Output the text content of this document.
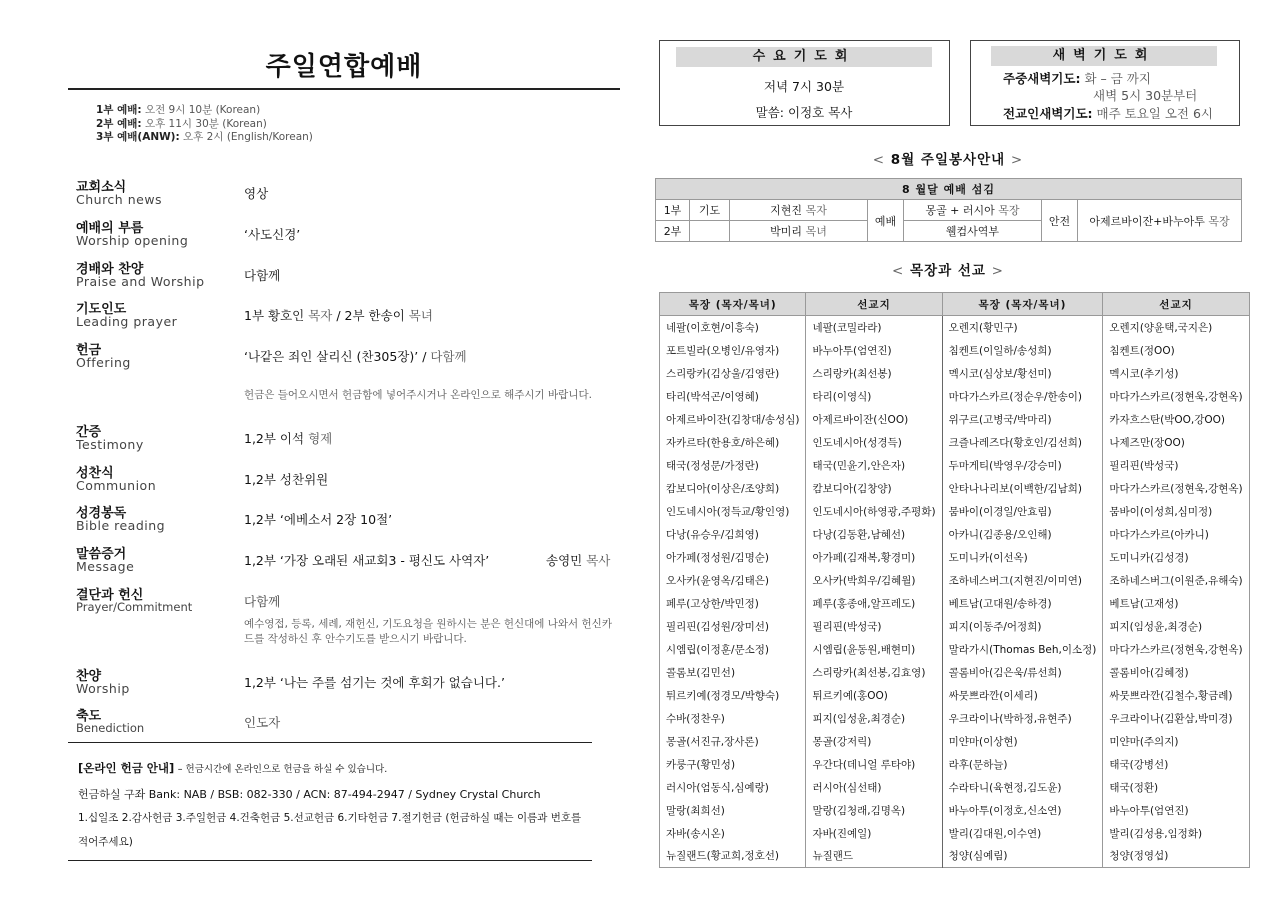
주일연합예배
1부 예배: 오전 9시 10분 (Korean)
2부 예배: 오후 11시 30분 (Korean)
3부 예배(ANW): 오후 2시 (English/Korean)
교회소식
Church news	영상
예배의 부름
Worship opening	‘사도신경’
경배와 찬양
Praise and Worship	다함께
기도인도
Leading prayer	1부 황호인 목자 / 2부 한송이 목녀
헌금
Offering	‘나같은 죄인 살리신 (찬305장)’ / 다함께
헌금은 들어오시면서 헌금함에 넣어주시거나 온라인으로 해주시기 바랍니다.
간증
Testimony	1,2부 이석 형제
성찬식
Communion	1,2부 성찬위원
성경봉독
Bible reading	1,2부 ‘에베소서 2장 10절’
말씀증거
Message	1,2부 ‘가장 오래된 새교회3 - 평신도 사역자’	송영민 목사
결단과 헌신
Prayer/Commitment	다함께
예수영접, 등록, 세례, 재헌신, 기도요청을 원하시는 분은 헌신대에 나와서 헌신카드를 작성하신 후 안수기도를 받으시기 바랍니다.
찬양
Worship	1,2부 ‘나는 주를 섬기는 것에 후회가 없습니다.’
축도
Benediction	인도자
[온라인 헌금 안내] – 헌금시간에 온라인으로 헌금을 하실 수 있습니다.
헌금하실 구좌 Bank: NAB / BSB: 082-330 / ACN: 87-494-2947 / Sydney Crystal Church
1.십일조 2.감사헌금 3.주일헌금 4.건축헌금 5.선교헌금 6.기타헌금 7.절기헌금 (헌금하실 때는 이름과 번호를
적어주세요)
수요기도회
저녁 7시 30분
말씀: 이정호 목사
새벽기도회
주중새벽기도: 화 – 금 까지
새벽 5시 30분부터
전교인새벽기도: 매주 토요일 오전 6시
< 8월 주일봉사안내 >
8 월달 예배 섬김						
1부	기도	지현진 목자	예배	몽골 + 러시아 목장	안전	아제르바이잔+바누아투 목장
2부		박미리 목녀		웰컴사역부		
< 목장과 선교 >
목장 (목자/목녀)	선교지	목장 (목자/목녀)	선교지
네팔(이호현/이흥숙)	네팔(코밀라라)	오렌지(황민구)	오렌지(양윤택,국지은)
포트빌라(오병인/유영자)	바누아투(엄연진)	침켄트(이일하/송성희)	침켄트(정OO)
스리랑카(김상울/김영란)	스리랑카(최선봉)	멕시코(심상보/황선미)	멕시코(추기성)
타리(박석곤/이영혜)	타리(이영식)	마다가스카르(정순우/한송이)	마다가스카르(정현욱,강현옥)
아제르바이잔(김창대/송성심)	아제르바이잔(신OO)	위구르(고병국/박마리)	카자흐스탄(박OO,강OO)
자카르타(한용호/하은혜)	인도네시아(성경득)	크즐나레즈다(황호인/김선희)	나제즈만(장OO)
태국(정성문/가정란)	태국(민윤기,안은자)	두마게티(박영우/강승미)	필리핀(박성국)
캄보디아(이상은/조양희)	캄보디아(김창양)	안타나나리보(이백한/김남희)	마다가스카르(정현욱,강현옥)
인도네시아(정득교/황인영)	인도네시아(하영광,주평화)	뭄바이(이경일/안효림)	뭄바이(이성희,심미정)
다낭(유승우/김희영)	다낭(김동환,남혜선)	아카니(김종용/오인해)	마다가스카르(아카니)
아가페(정성원/김명순)	아가페(김재복,황경미)	도미니카(이선옥)	도미니카(김성경)
오사카(윤영옥/김태은)	오사카(박희우/김혜월)	조하네스버그(지현진/이미연)	조하네스버그(이원준,유해숙)
페루(고상한/박민정)	페루(홍종애,알프레도)	베트남(고대원/송하경)	베트남(고재성)
필리핀(김성원/장미선)	필리핀(박성국)	피지(이동주/어정희)	피지(임성윤,최경순)
시엠립(이정훈/문소정)	시엠립(윤동원,배현미)	말라가시(Thomas Beh,이소정)	마다가스카르(정현욱,강현옥)
콜롬보(김민선)	스리랑카(최선봉,김효영)	콜롬비아(김은욱/류선희)	콜롬비아(김혜정)
튀르키예(정경모/박향숙)	튀르키예(홍OO)	싸뭇쁘라깐(이세리)	싸뭇쁘라깐(김철수,황금례)
수바(정찬우)	피지(임성윤,최경순)	우크라이나(박하정,유현주)	우크라이나(김환삼,박미경)
몽골(서진규,장사론)	몽골(강저릭)	미얀마(이상현)	미얀마(주의지)
카룽구(황민성)	우간다(데니얼 루타야)	라후(문하늘)	태국(강병선)
러시아(엄동식,심예랑)	러시아(심선태)	수라타니(육현정,김도윤)	태국(정환)
말랑(최희선)	말랑(김청래,김명옥)	바누아투(이정호,신소연)	바누아투(엄연진)
자바(송시온)	자바(진예일)	발리(김대원,이수연)	발리(김성용,임정화)
뉴질랜드(황교희,정호선)	뉴질랜드	청양(심예림)	청양(정영섭)
